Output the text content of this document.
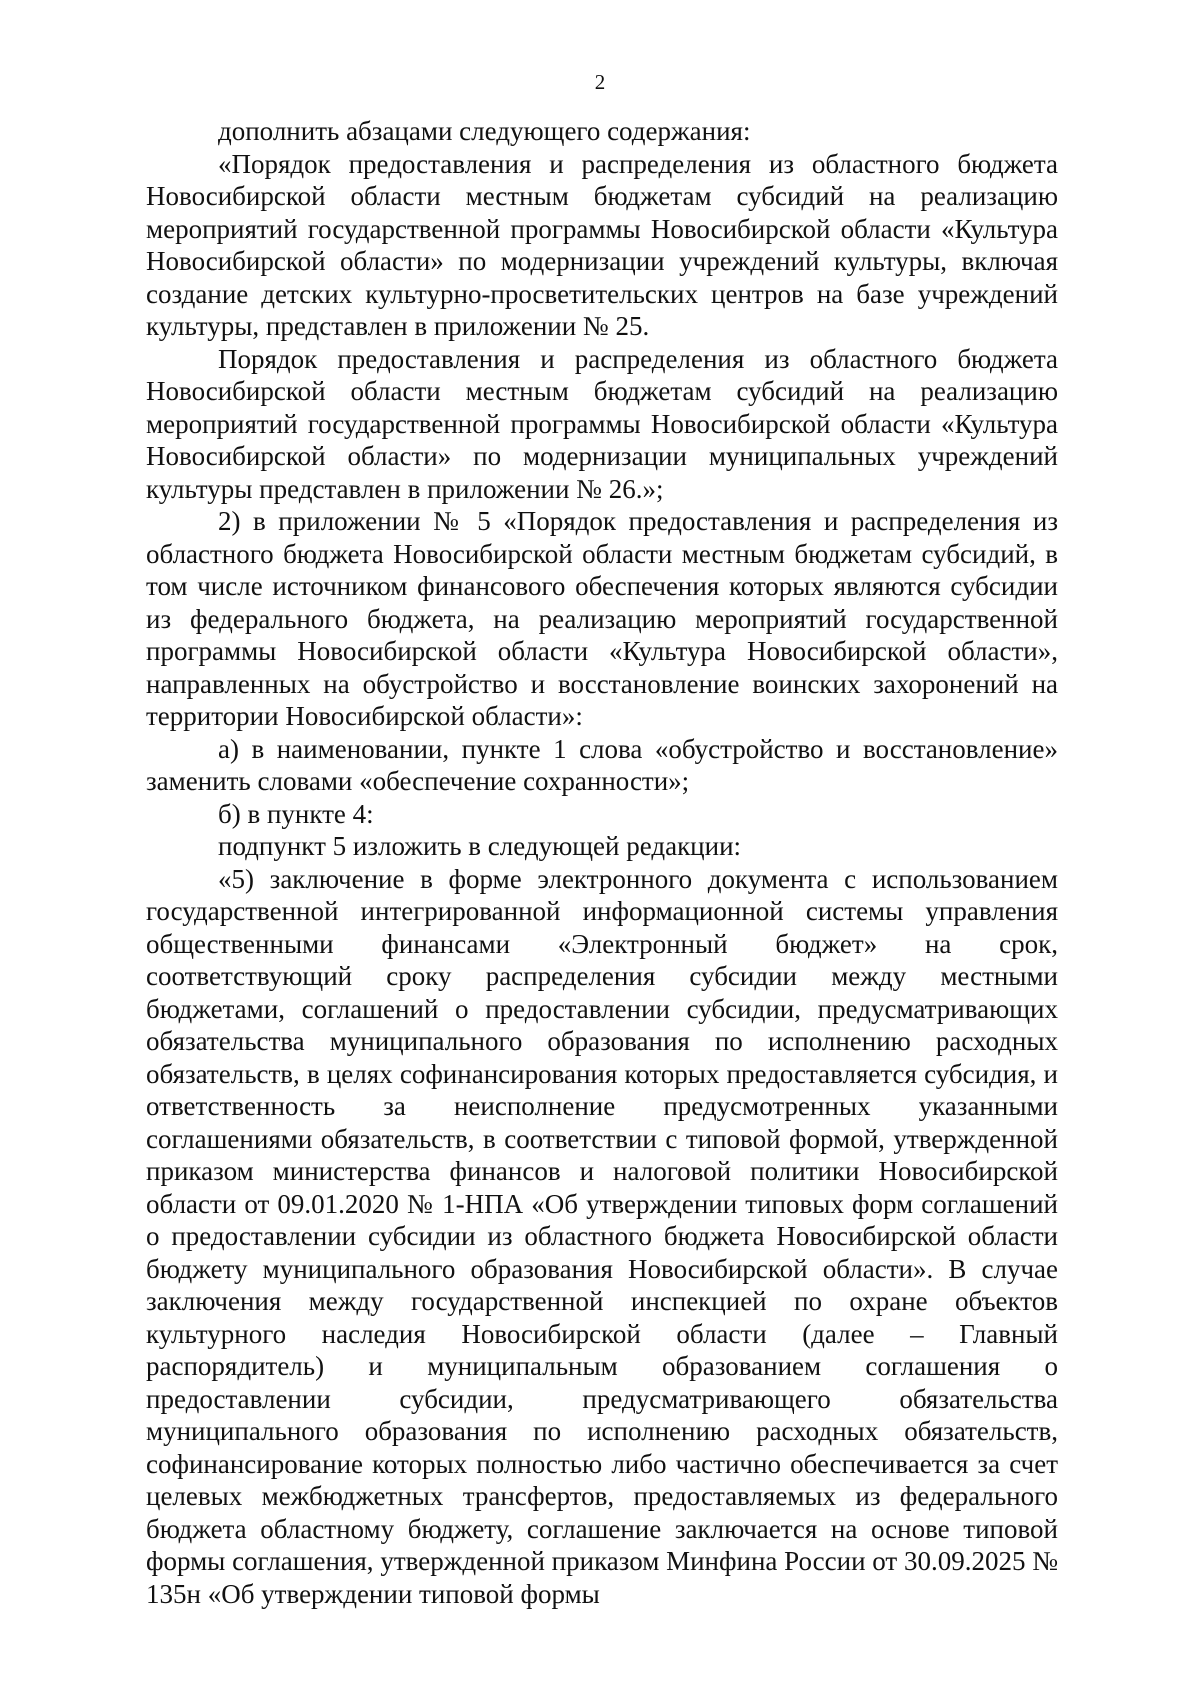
2

дополнить абзацами следующего содержания:

«Порядок предоставления и распределения из областного бюджета Новосибирской области местным бюджетам субсидий на реализацию мероприятий государственной программы Новосибирской области «Культура Новосибирской области» по модернизации учреждений культуры, включая создание детских культурно-просветительских центров на базе учреждений культуры, представлен в приложении № 25.

Порядок предоставления и распределения из областного бюджета Новосибирской области местным бюджетам субсидий на реализацию мероприятий государственной программы Новосибирской области «Культура Новосибирской области» по модернизации муниципальных учреждений культуры представлен в приложении № 26.»;

2) в приложении № 5 «Порядок предоставления и распределения из областного бюджета Новосибирской области местным бюджетам субсидий, в том числе источником финансового обеспечения которых являются субсидии из федерального бюджета, на реализацию мероприятий государственной программы Новосибирской области «Культура Новосибирской области», направленных на обустройство и восстановление воинских захоронений на территории Новосибирской области»:

а) в наименовании, пункте 1 слова «обустройство и восстановление» заменить словами «обеспечение сохранности»;

б) в пункте 4:

подпункт 5 изложить в следующей редакции:

«5) заключение в форме электронного документа с использованием государственной интегрированной информационной системы управления общественными финансами «Электронный бюджет» на срок, соответствующий сроку распределения субсидии между местными бюджетами, соглашений о предоставлении субсидии, предусматривающих обязательства муниципального образования по исполнению расходных обязательств, в целях софинансирования которых предоставляется субсидия, и ответственность за неисполнение предусмотренных указанными соглашениями обязательств, в соответствии с типовой формой, утвержденной приказом министерства финансов и налоговой политики Новосибирской области от 09.01.2020 № 1-НПА «Об утверждении типовых форм соглашений о предоставлении субсидии из областного бюджета Новосибирской области бюджету муниципального образования Новосибирской области». В случае заключения между государственной инспекцией по охране объектов культурного наследия Новосибирской области (далее – Главный распорядитель) и муниципальным образованием соглашения о предоставлении субсидии, предусматривающего обязательства муниципального образования по исполнению расходных обязательств, софинансирование которых полностью либо частично обеспечивается за счет целевых межбюджетных трансфертов, предоставляемых из федерального бюджета областному бюджету, соглашение заключается на основе типовой формы соглашения, утвержденной приказом Минфина России от 30.09.2025 № 135н «Об утверждении типовой формы
